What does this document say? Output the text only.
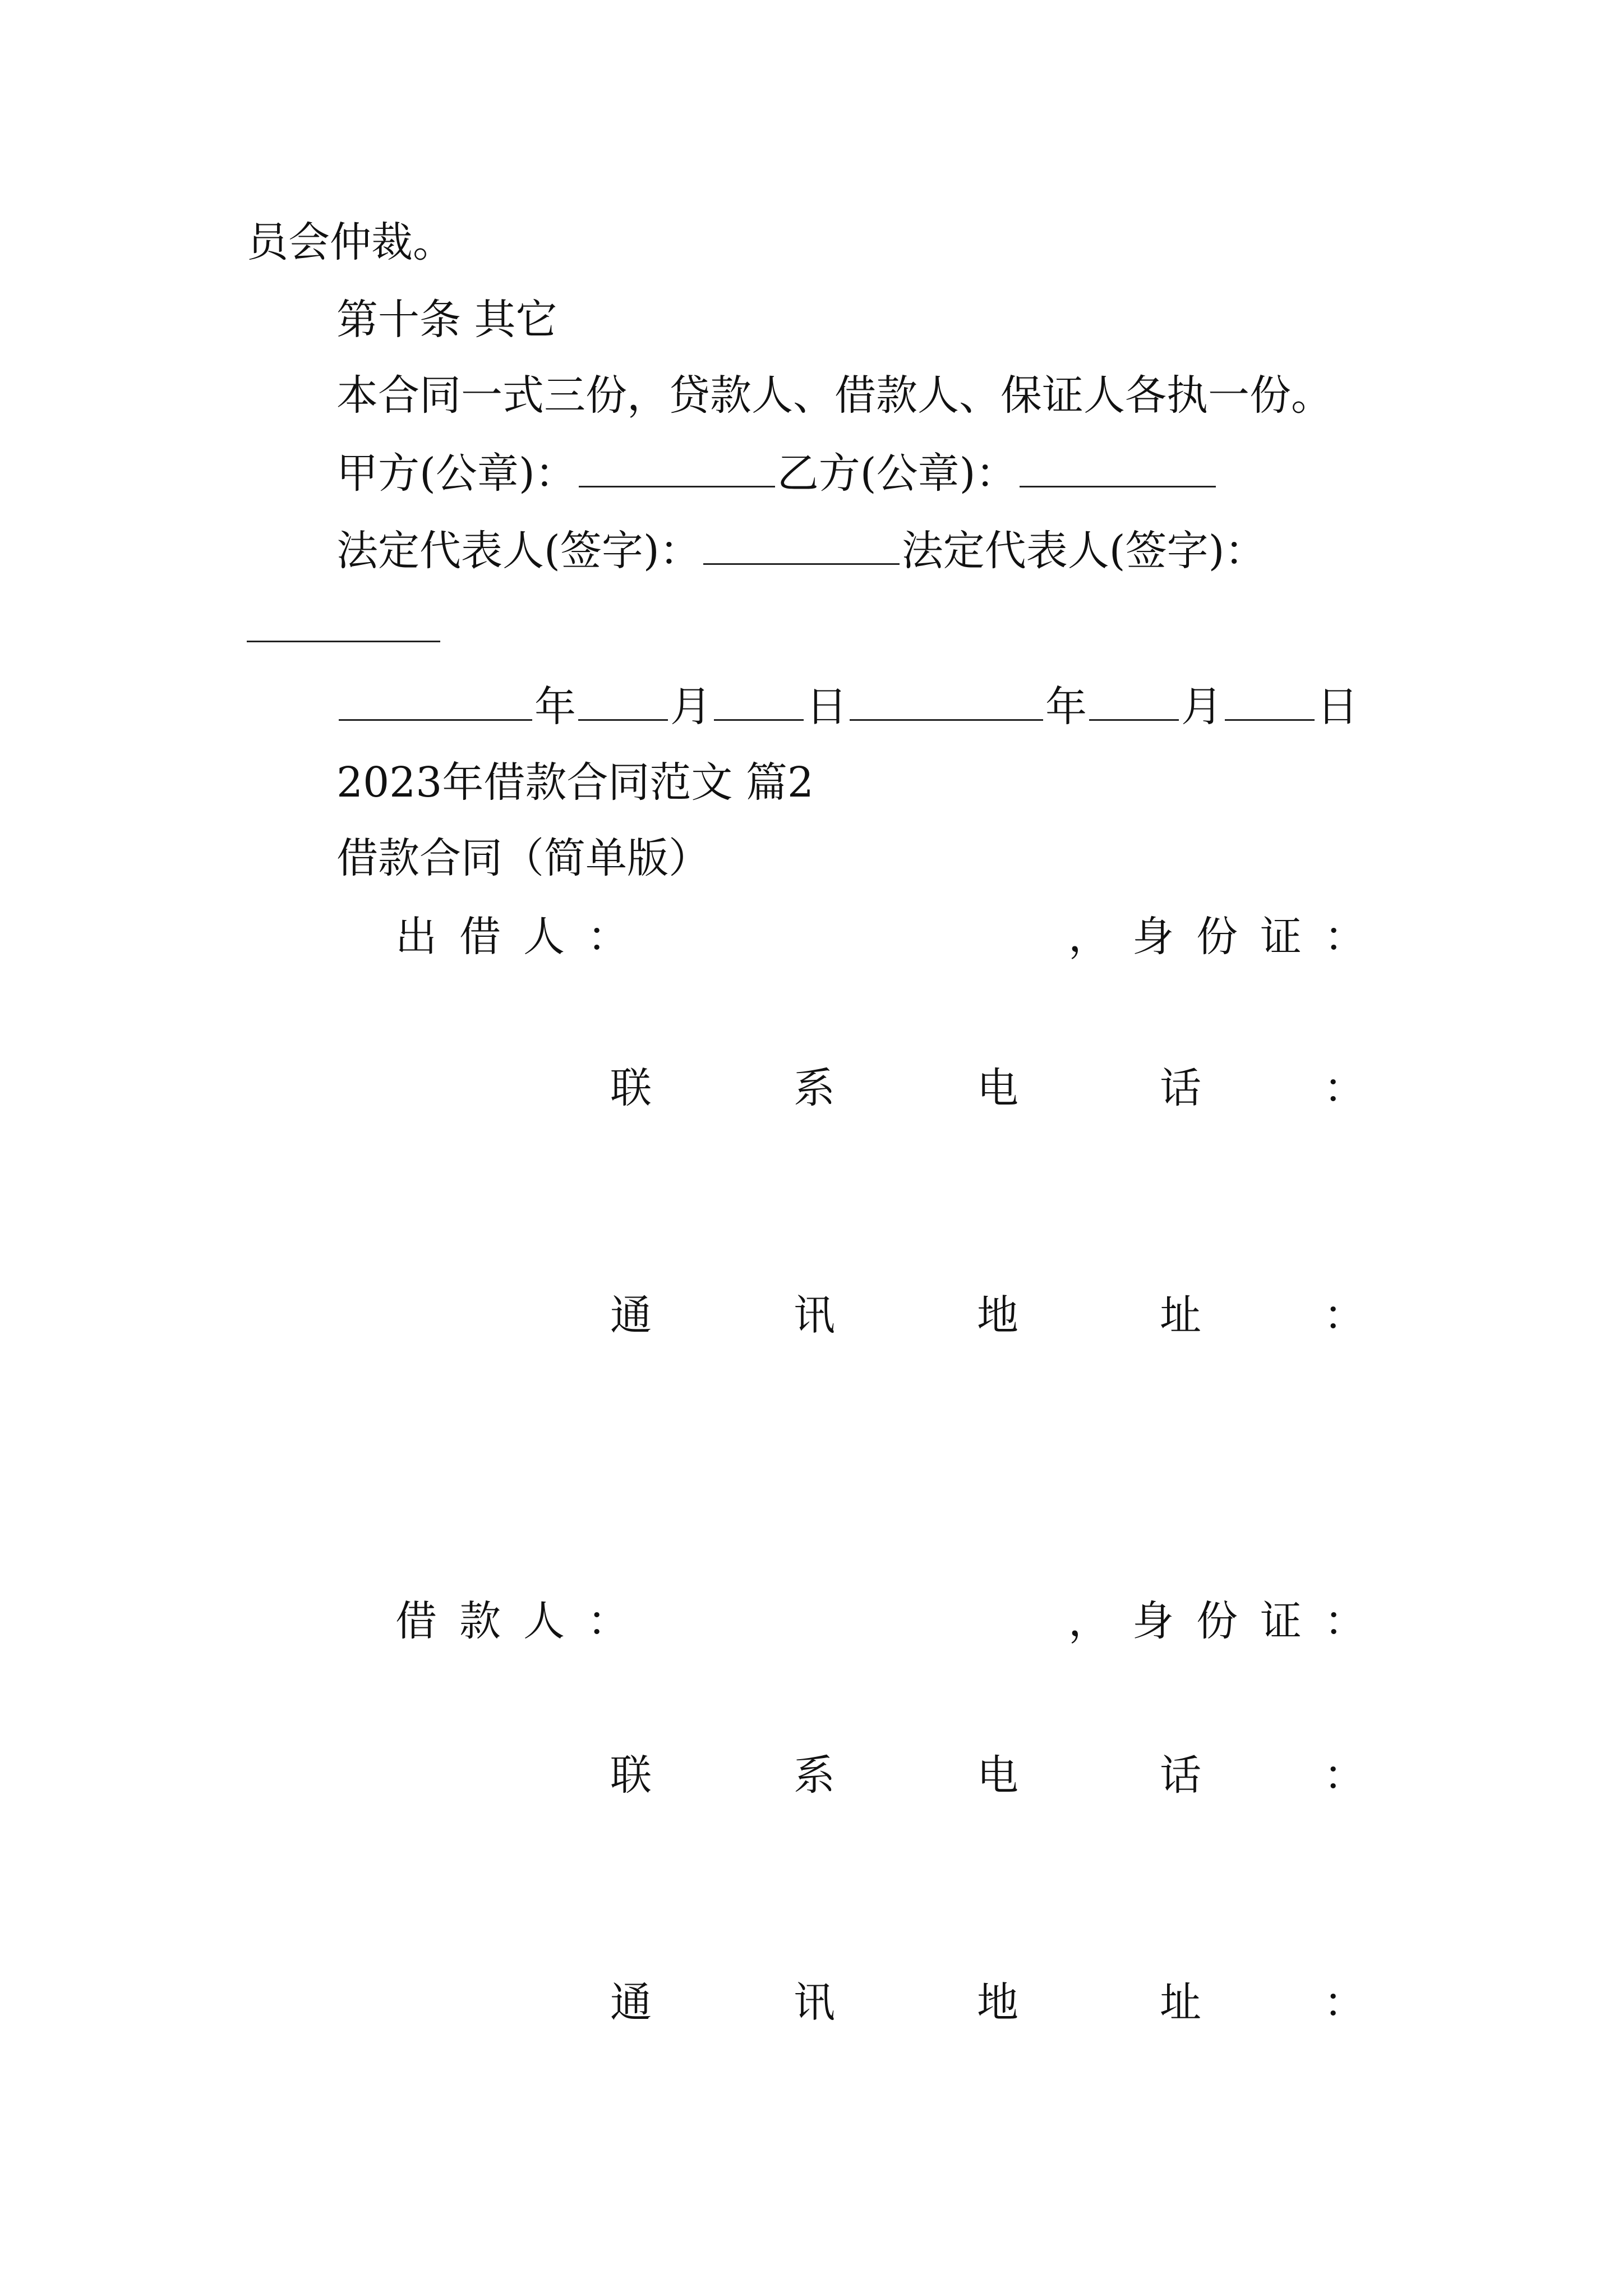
员会仲裁。

第十条 其它

本合同一式三份，贷款人、借款人、保证人各执一份。

甲方(公章)：	乙方(公章)：
法定代表人(签字)：	法定代表人(签字)：
年 月 日	年 月 日

2023年借款合同范文 篇2

借款合同（简单版）

出借人：	，身份证：
联	系	电	话	：
通	讯	地	址	：
借款人：	，身份证：
联	系	电	话	：
通	讯	地	址	：
